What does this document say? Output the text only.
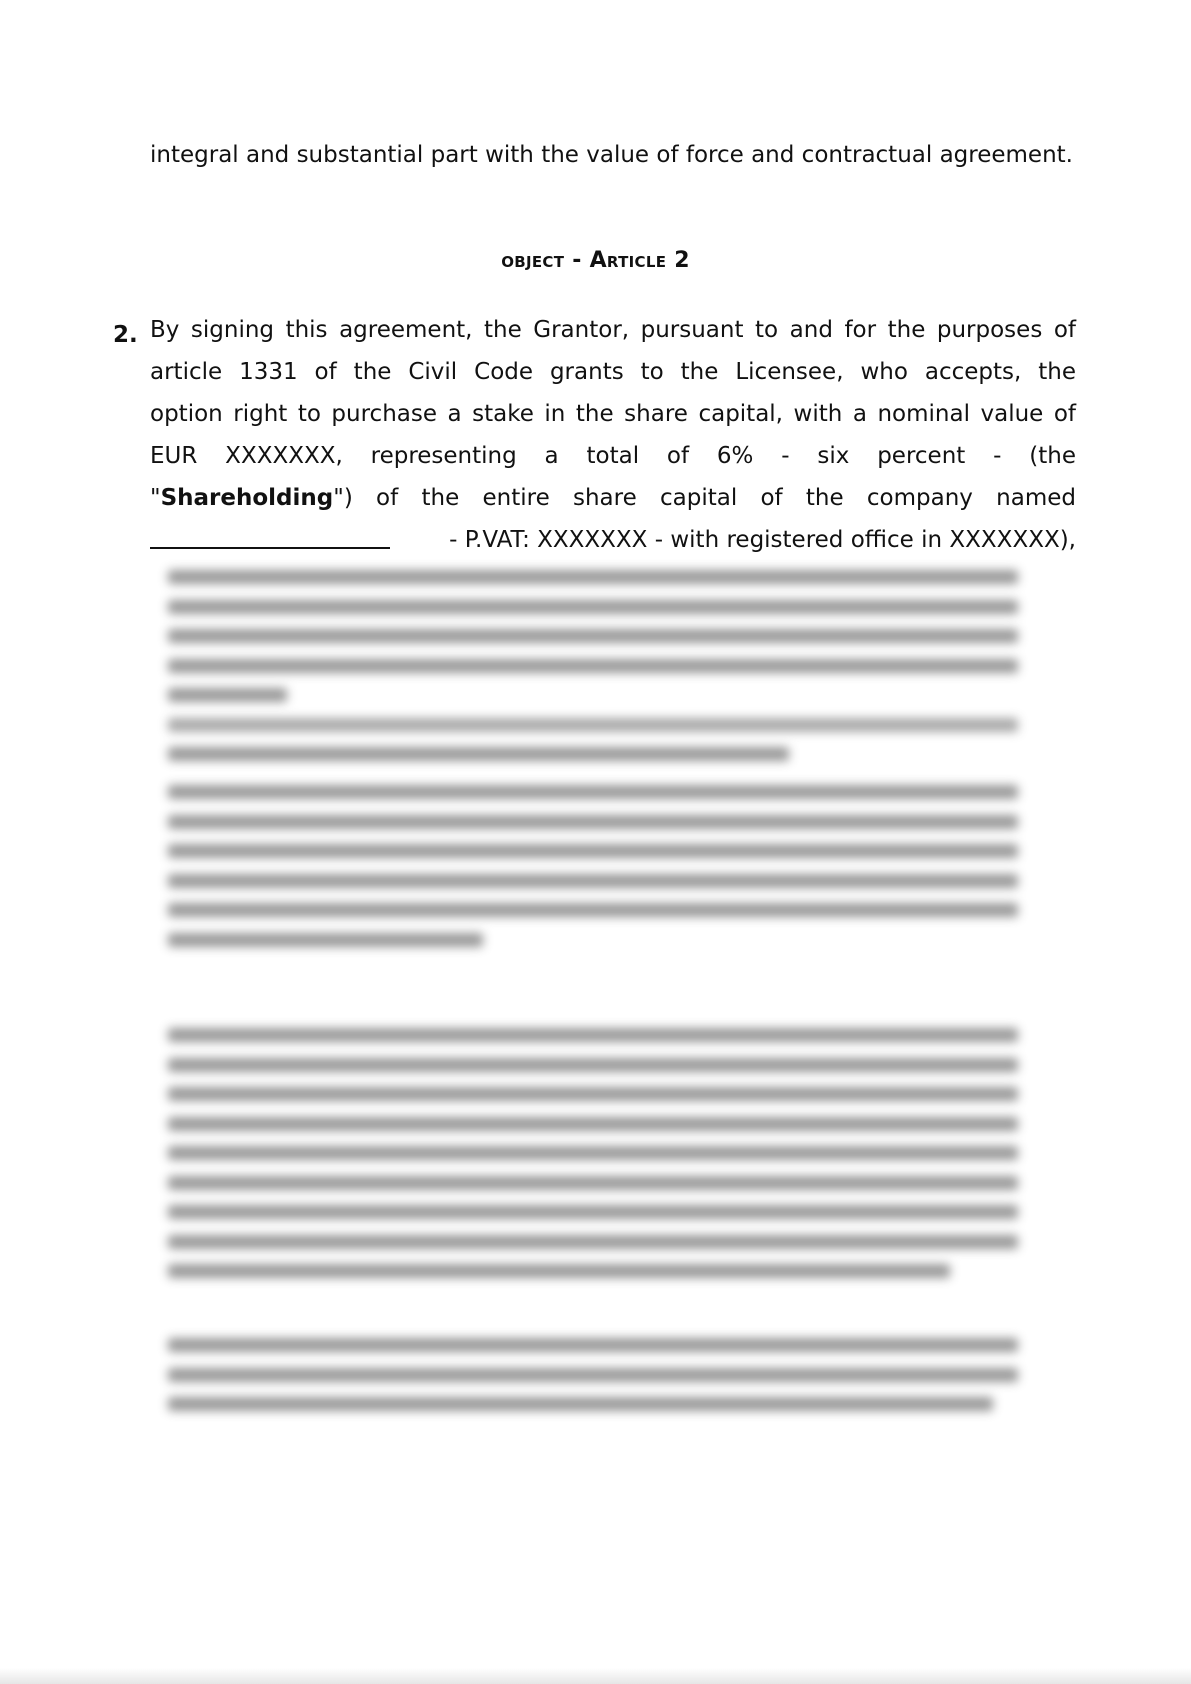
integral and substantial part with the value of force and contractual agreement.
object - Article 2
2. By signing this agreement, the Grantor, pursuant to and for the purposes of
article 1331 of the Civil Code grants to the Licensee, who accepts, the
option right to purchase a stake in the share capital, with a nominal value of
EUR XXXXXXX, representing a total of 6% - six percent - (the
"Shareholding") of the entire share capital of the company named
- P.VAT: XXXXXXX - with registered office in XXXXXXX),
